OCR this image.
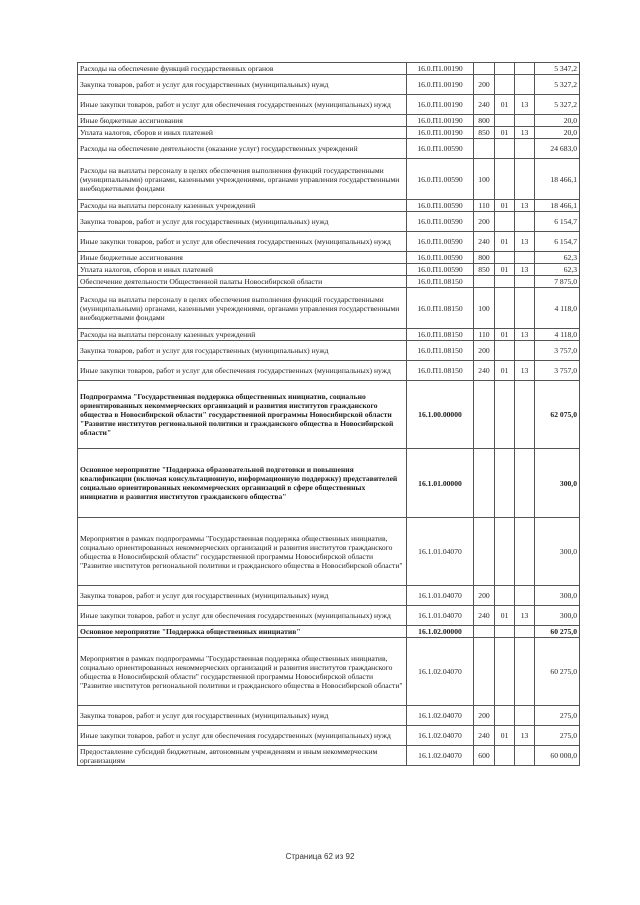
Расходы на обеспечение функций государственных органов	16.0.П1.00190				5 347,2
Закупка товаров, работ и услуг для государственных (муниципальных) нужд	16.0.П1.00190	200			5 327,2
Иные закупки товаров, работ и услуг для обеспечения государственных (муниципальных) нужд	16.0.П1.00190	240	01	13	5 327,2
Иные бюджетные ассигнования	16.0.П1.00190	800			20,0
Уплата налогов, сборов и иных платежей	16.0.П1.00190	850	01	13	20,0
Расходы на обеспечение деятельности (оказание услуг) государственных учреждений	16.0.П1.00590				24 683,0
Расходы на выплаты персоналу в целях обеспечения выполнения функций государственными (муниципальными) органами, казенными учреждениями, органами управления государственными внебюджетными фондами	16.0.П1.00590	100			18 466,1
Расходы на выплаты персоналу казенных учреждений	16.0.П1.00590	110	01	13	18 466,1
Закупка товаров, работ и услуг для государственных (муниципальных) нужд	16.0.П1.00590	200			6 154,7
Иные закупки товаров, работ и услуг для обеспечения государственных (муниципальных) нужд	16.0.П1.00590	240	01	13	6 154,7
Иные бюджетные ассигнования	16.0.П1.00590	800			62,3
Уплата налогов, сборов и иных платежей	16.0.П1.00590	850	01	13	62,3
Обеспечение деятельности Общественной палаты Новосибирской области	16.0.П1.08150				7 875,0
Расходы на выплаты персоналу в целях обеспечения выполнения функций государственными (муниципальными) органами, казенными учреждениями, органами управления государственными внебюджетными фондами	16.0.П1.08150	100			4 118,0
Расходы на выплаты персоналу казенных учреждений	16.0.П1.08150	110	01	13	4 118,0
Закупка товаров, работ и услуг для государственных (муниципальных) нужд	16.0.П1.08150	200			3 757,0
Иные закупки товаров, работ и услуг для обеспечения государственных (муниципальных) нужд	16.0.П1.08150	240	01	13	3 757,0
Подпрограмма "Государственная поддержка общественных инициатив, социально ориентированных некоммерческих организаций и развития институтов гражданского общества в Новосибирской области" государственной программы Новосибирской области "Развитие институтов региональной политики и гражданского общества в Новосибирской области"	16.1.00.00000				62 075,0
Основное мероприятие "Поддержка образовательной подготовки и повышения квалификации (включая консультационную, информационную поддержку) представителей социально ориентированных некоммерческих организаций в сфере общественных инициатив и развития институтов гражданского общества"	16.1.01.00000				300,0
Мероприятия в рамках подпрограммы "Государственная поддержка общественных инициатив, социально ориентированных некоммерческих организаций и развития институтов гражданского общества в Новосибирской области" государственной программы Новосибирской области "Развитие институтов региональной политики и гражданского общества в Новосибирской области"	16.1.01.04070				300,0
Закупка товаров, работ и услуг для государственных (муниципальных) нужд	16.1.01.04070	200			300,0
Иные закупки товаров, работ и услуг для обеспечения государственных (муниципальных) нужд	16.1.01.04070	240	01	13	300,0
Основное мероприятие "Поддержка общественных инициатив"	16.1.02.00000				60 275,0
Мероприятия в рамках подпрограммы "Государственная поддержка общественных инициатив, социально ориентированных некоммерческих организаций и развития институтов гражданского общества в Новосибирской области" государственной программы Новосибирской области "Развитие институтов региональной политики и гражданского общества в Новосибирской области"	16.1.02.04070				60 275,0
Закупка товаров, работ и услуг для государственных (муниципальных) нужд	16.1.02.04070	200			275,0
Иные закупки товаров, работ и услуг для обеспечения государственных (муниципальных) нужд	16.1.02.04070	240	01	13	275,0
Предоставление субсидий бюджетным, автономным учреждениям и иным некоммерческим организациям	16.1.02.04070	600			60 000,0
Страница 62 из 92
